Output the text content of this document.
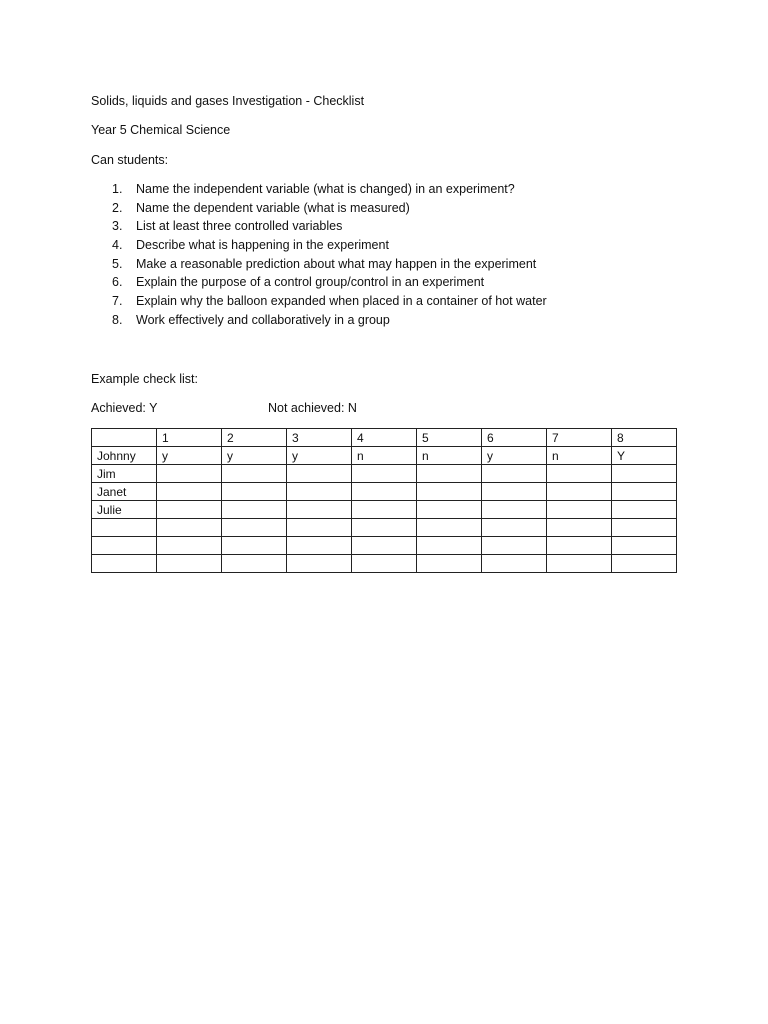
Solids, liquids and gases Investigation - Checklist
Year 5 Chemical Science
Can students:
1.	Name the independent variable (what is changed) in an experiment?
2.	Name the dependent variable (what is measured)
3.	List at least three controlled variables
4.	Describe what is happening in the experiment
5.	Make a reasonable prediction about what may happen in the experiment
6.	Explain the purpose of a control group/control in an experiment
7.	Explain why the balloon expanded when placed in a container of hot water
8.	Work effectively and collaboratively in a group
Example check list:
Achieved: Y	Not achieved: N
	1	2	3	4	5	6	7	8
Johnny	y	y	y	n	n	y	n	Y
Jim								
Janet								
Julie								
